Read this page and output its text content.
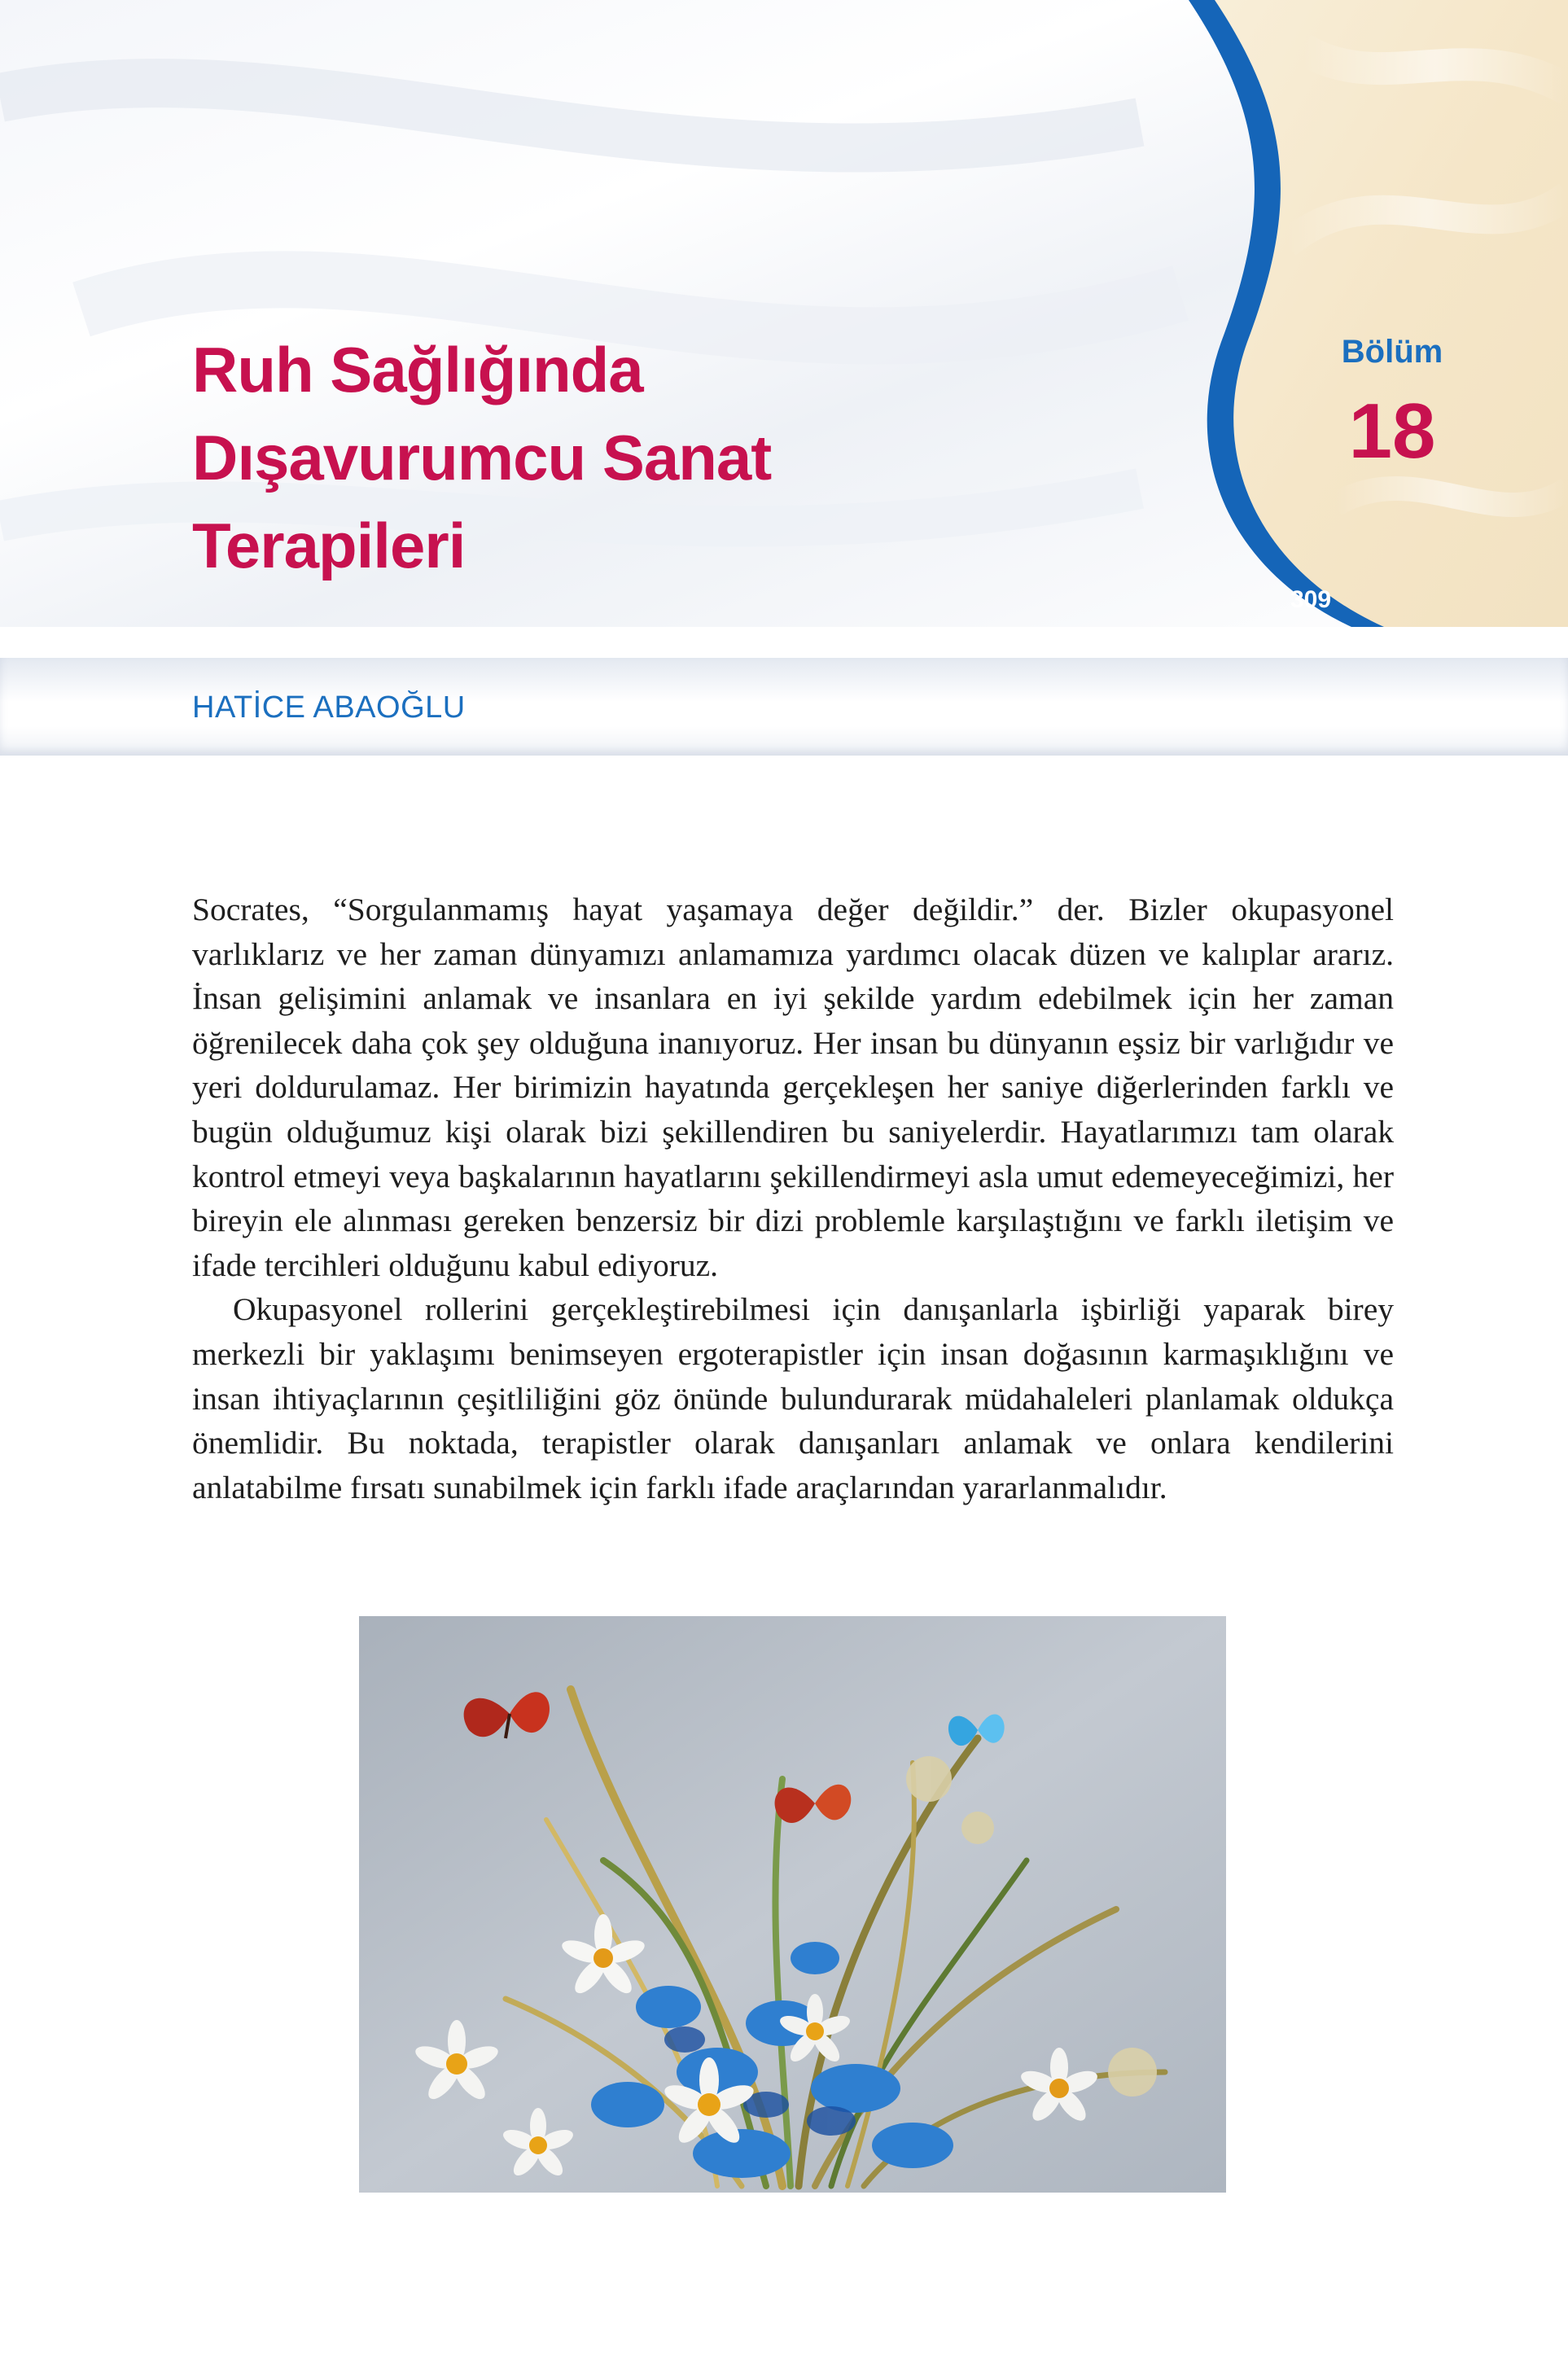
Ruh Sağlığında
Dışavurumcu Sanat
Terapileri
Bölüm
18
309
HATİCE ABAOĞLU

Socrates, “Sorgulanmamış hayat yaşamaya değer değildir.” der. Bizler okupasyonel varlıklarız ve her zaman dünyamızı anlamamıza yardımcı olacak düzen ve kalıplar ararız. İnsan gelişimini anlamak ve insanlara en iyi şekilde yardım edebilmek için her zaman öğrenilecek daha çok şey olduğuna inanıyoruz. Her insan bu dünyanın eşsiz bir varlığıdır ve yeri doldurulamaz. Her birimizin hayatında gerçekleşen her saniye diğerlerinden farklı ve bugün olduğumuz kişi olarak bizi şekillendiren bu saniyelerdir. Hayatlarımızı tam olarak kontrol etmeyi veya başkalarının hayatlarını şekillendirmeyi asla umut edemeyeceğimizi, her bireyin ele alınması gereken benzersiz bir dizi problemle karşılaştığını ve farklı iletişim ve ifade tercihleri olduğunu kabul ediyoruz.

Okupasyonel rollerini gerçekleştirebilmesi için danışanlarla işbirliği yaparak birey merkezli bir yaklaşımı benimseyen ergoterapistler için insan doğasının karmaşıklığını ve insan ihtiyaçlarının çeşitliliğini göz önünde bulundurarak müdahaleleri planlamak oldukça önemlidir. Bu noktada, terapistler olarak danışanları anlamak ve onlara kendilerini anlatabilme fırsatı sunabilmek için farklı ifade araçlarından yararlanmalıdır.
